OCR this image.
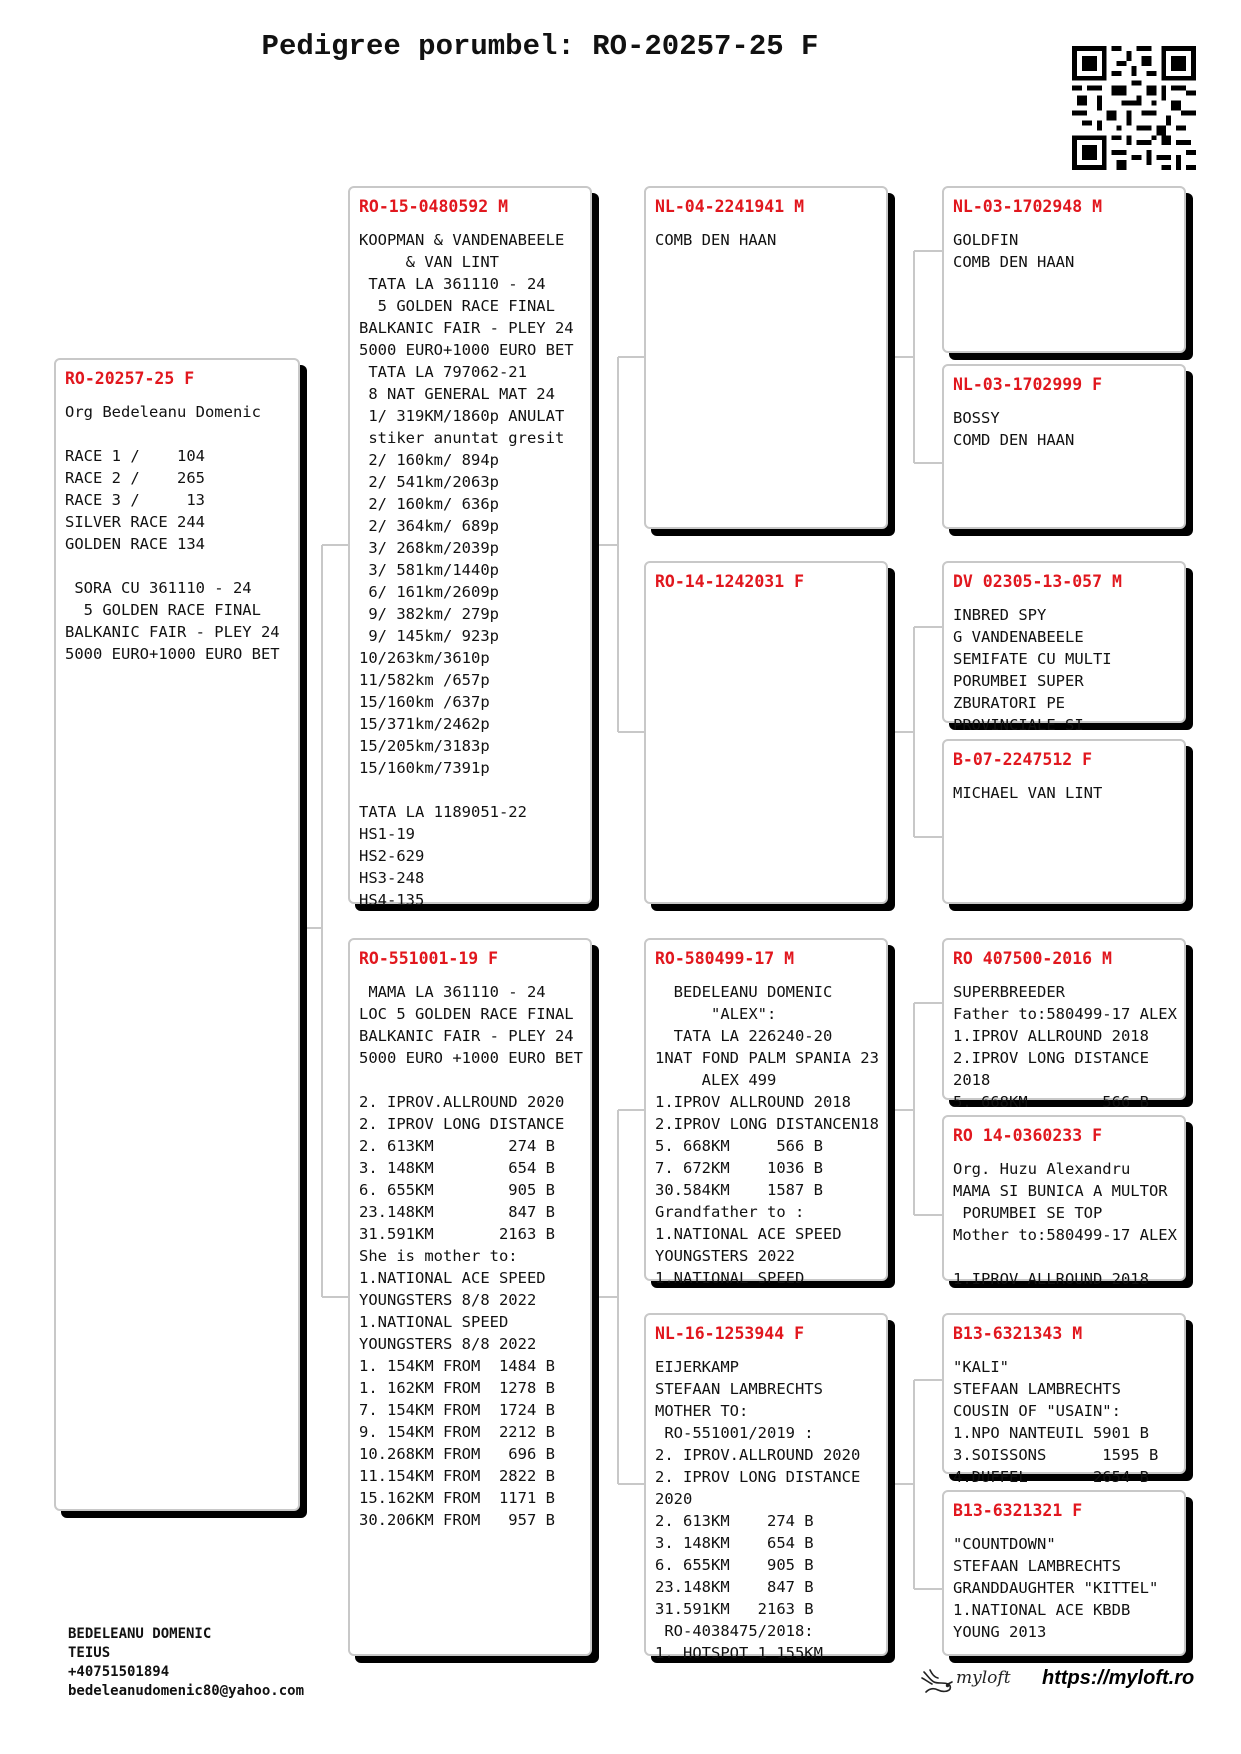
Pedigree porumbel: RO-20257-25 F
RO-20257-25 F
Org Bedeleanu Domenic

RACE 1 /    104
RACE 2 /    265
RACE 3 /     13
SILVER RACE 244
GOLDEN RACE 134

SORA CU 361110 - 24
5 GOLDEN RACE FINAL
BALKANIC FAIR - PLEY 24
5000 EURO+1000 EURO BET
RO-15-0480592 M
KOOPMAN & VANDENABEELE
& VAN LINT
TATA LA 361110 - 24
5 GOLDEN RACE FINAL
BALKANIC FAIR - PLEY 24
5000 EURO+1000 EURO BET
TATA LA 797062-21
8 NAT GENERAL MAT 24
1/ 319KM/1860p ANULAT
stiker anuntat gresit
2/ 160km/ 894p
2/ 541km/2063p
2/ 160km/ 636p
2/ 364km/ 689p
3/ 268km/2039p
3/ 581km/1440p
6/ 161km/2609p
9/ 382km/ 279p
9/ 145km/ 923p
10/263km/3610p
11/582km /657p
15/160km /637p
15/371km/2462p
15/205km/3183p
15/160km/7391p

TATA LA 1189051-22
HS1-19
HS2-629
HS3-248
HS4-135
RO-551001-19 F
MAMA LA 361110 - 24
LOC 5 GOLDEN RACE FINAL
BALKANIC FAIR - PLEY 24
5000 EURO +1000 EURO BET

2. IPROV.ALLROUND 2020
2. IPROV LONG DISTANCE
2. 613KM        274 B
3. 148KM        654 B
6. 655KM        905 B
23.148KM        847 B
31.591KM       2163 B
She is mother to:
1.NATIONAL ACE SPEED
YOUNGSTERS 8/8 2022
1.NATIONAL SPEED
YOUNGSTERS 8/8 2022
1. 154KM FROM  1484 B
1. 162KM FROM  1278 B
7. 154KM FROM  1724 B
9. 154KM FROM  2212 B
10.268KM FROM   696 B
11.154KM FROM  2822 B
15.162KM FROM  1171 B
30.206KM FROM   957 B
NL-04-2241941 M
COMB DEN HAAN
RO-14-1242031 F
RO-580499-17 M
BEDELEANU DOMENIC
"ALEX":
TATA LA 226240-20
1NAT FOND PALM SPANIA 23
ALEX 499
1.IPROV ALLROUND 2018
2.IPROV LONG DISTANCEN18
5. 668KM     566 B
7. 672KM    1036 B
30.584KM    1587 B
Grandfather to :
1.NATIONAL ACE SPEED
YOUNGSTERS 2022
1.NATIONAL SPEED
NL-16-1253944 F
EIJERKAMP
STEFAAN LAMBRECHTS
MOTHER TO:
RO-551001/2019 :
2. IPROV.ALLROUND 2020
2. IPROV LONG DISTANCE
2020
2. 613KM    274 B
3. 148KM    654 B
6. 655KM    905 B
23.148KM    847 B
31.591KM   2163 B
RO-4038475/2018:
1. HOTSPOT 1 155KM
NL-03-1702948 M
GOLDFIN
COMB DEN HAAN
NL-03-1702999 F
BOSSY
COMD DEN HAAN
DV 02305-13-057 M
INBRED SPY
G VANDENABEELE
SEMIFATE CU MULTI
PORUMBEI SUPER
ZBURATORI PE
PROVINCIALE SI
B-07-2247512 F
MICHAEL VAN LINT
RO 407500-2016 M
SUPERBREEDER
Father to:580499-17 ALEX
1.IPROV ALLROUND 2018
2.IPROV LONG DISTANCE
2018
5. 668KM        566 B
RO 14-0360233 F
Org. Huzu Alexandru
MAMA SI BUNICA A MULTOR
PORUMBEI SE TOP
Mother to:580499-17 ALEX

1.IPROV ALLROUND 2018
B13-6321343 M
"KALI"
STEFAAN LAMBRECHTS
COUSIN OF "USAIN":
1.NPO NANTEUIL 5901 B
3.SOISSONS      1595 B
4.DUFFEL       2654 B
B13-6321321 F
"COUNTDOWN"
STEFAAN LAMBRECHTS
GRANDDAUGHTER "KITTEL"
1.NATIONAL ACE KBDB
YOUNG 2013
BEDELEANU DOMENIC
TEIUS
+40751501894
bedeleanudomenic80@yahoo.com
myloft https://myloft.ro
